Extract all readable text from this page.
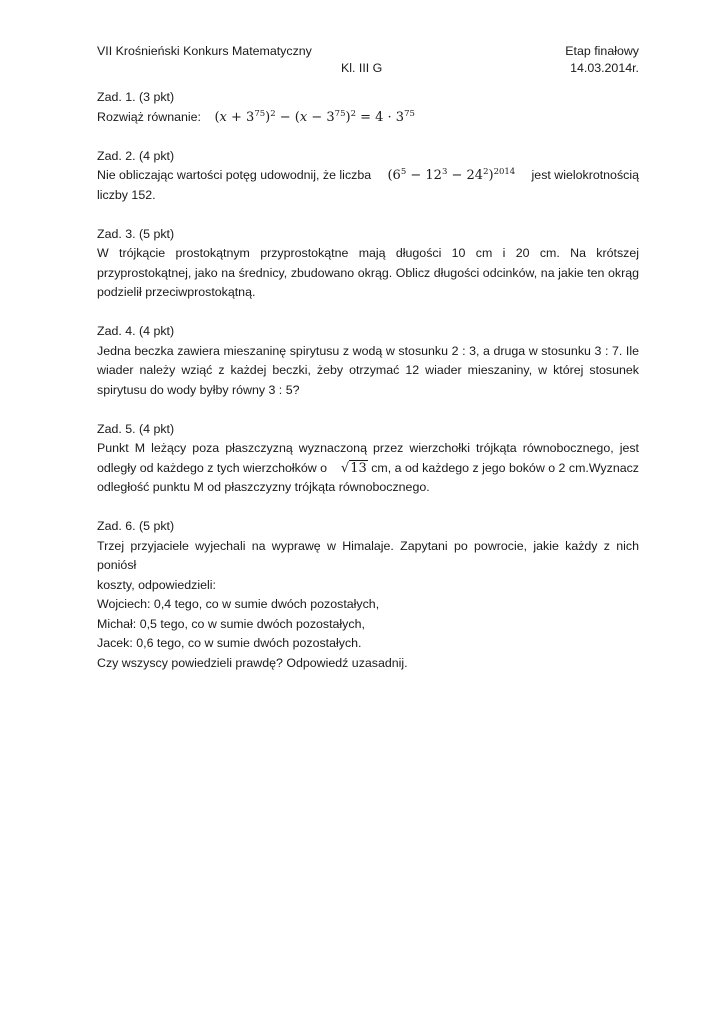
VII Krośnieński Konkurs Matematyczny	Etap finałowy
Kl. III G	14.03.2014r.
Zad. 1. (3 pkt)
Rozwiąż równanie: $(x + 3^{75})^2 - (x - 3^{75})^2 = 4 \cdot 3^{75}$
Zad. 2. (4 pkt)
Nie obliczając wartości potęg udowodnij, że liczba $(6^5 - 12^3 - 24^2)^{2014}$ jest wielokrotnością
liczby 152.
Zad. 3. (5 pkt)
W trójkącie prostokątnym przyprostokątne mają długości 10 cm i 20 cm. Na krótszej przyprostokątnej, jako na średnicy, zbudowano okrąg. Oblicz długości odcinków, na jakie ten okrąg podzielił przeciwprostokątną.
Zad. 4. (4 pkt)
Jedna beczka zawiera mieszaninę spirytusu z wodą w stosunku 2 : 3, a druga w stosunku 3 : 7. Ile wiader należy wziąć z każdej beczki, żeby otrzymać 12 wiader mieszaniny, w której stosunek spirytusu do wody byłby równy 3 : 5?
Zad. 5. (4 pkt)
Punkt M leżący poza płaszczyzną wyznaczoną przez wierzchołki trójkąta równobocznego, jest
odległy od każdego z tych wierzchołków o √13 cm, a od każdego z jego boków o 2 cm.Wyznacz
odległość punktu M od płaszczyzny trójkąta równobocznego.
Zad. 6. (5 pkt)
Trzej przyjaciele wyjechali na wyprawę w Himalaje. Zapytani po powrocie, jakie każdy z nich poniósł
koszty, odpowiedzieli:
Wojciech: 0,4 tego, co w sumie dwóch pozostałych,
Michał: 0,5 tego, co w sumie dwóch pozostałych,
Jacek: 0,6 tego, co w sumie dwóch pozostałych.
Czy wszyscy powiedzieli prawdę? Odpowiedź uzasadnij.
